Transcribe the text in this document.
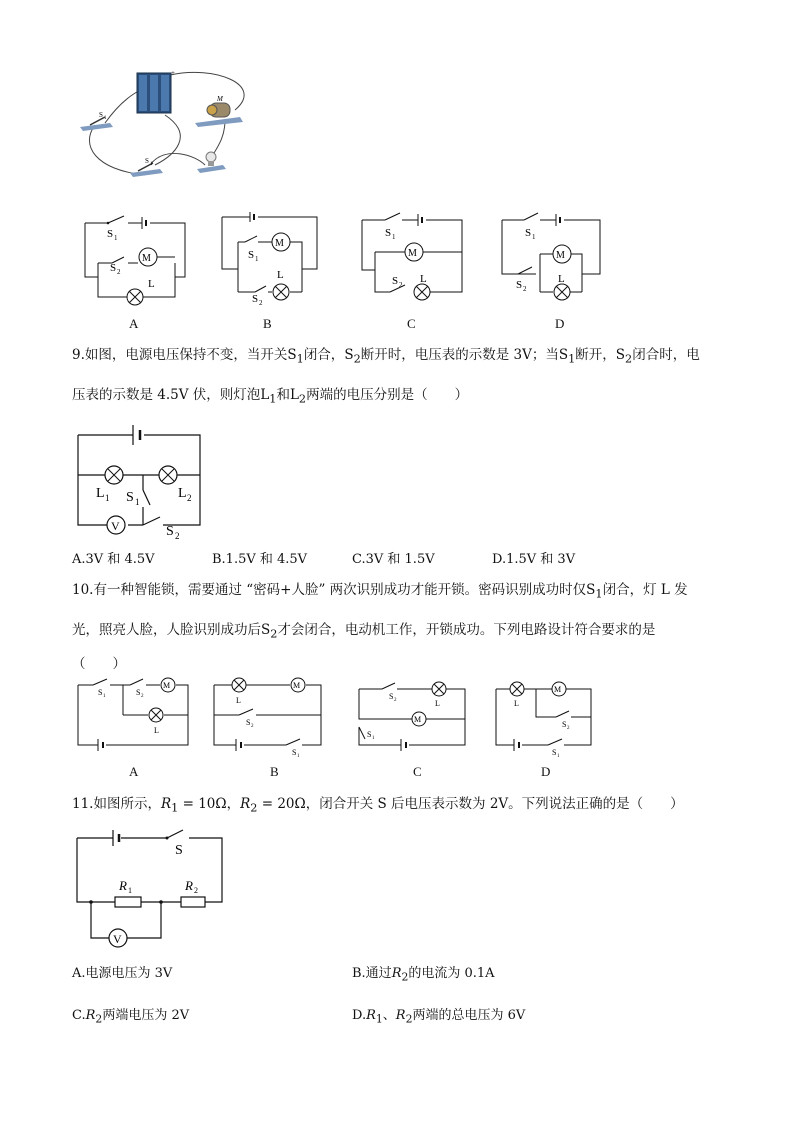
+
S 1
M
S 1
S 1
S 2
M
L
A
S 1
M
S 2
L
B
S 1
M
S 2 L
C
S 1
S 2
M
L
D
9.如图，电源电压保持不变，当开关$S_1$闭合，$S_2$断开时，电压表的示数是 3V；当$S_1$断开，$S_2$闭合时，电
压表的示数是 4.5V 伏，则灯泡$L_1$和$L_2$两端的电压分别是（　　）
L 1	L 2
S 1
V	S 2
A.3V 和 4.5V	B.1.5V 和 4.5V	C.3V 和 1.5V	D.1.5V 和 3V
10.有一种智能锁，需要通过 “密码+人脸” 两次识别成功才能开锁。密码识别成功时仅$S_1$闭合，灯 L 发
光，照亮人脸，人脸识别成功后$S_2$才会闭合，电动机工作，开锁成功。下列电路设计符合要求的是
（　　）
S 1	S 2
M
L
A
L
M
S 2
S 1
B
S 2	L
M
S 1
C
L
M
S 2
S 1
D
11.如图所示，$R_1 = 10\Omega$，$R_2 = 20\Omega$，闭合开关 S 后电压表示数为 2V。下列说法正确的是（　　）
S
R 1	R 2
V
A.电源电压为 3V	B.通过$R_2$的电流为 0.1A
$C.R_2$两端电压为 2V	$D.R_1$、$R_2$两端的总电压为 6V
